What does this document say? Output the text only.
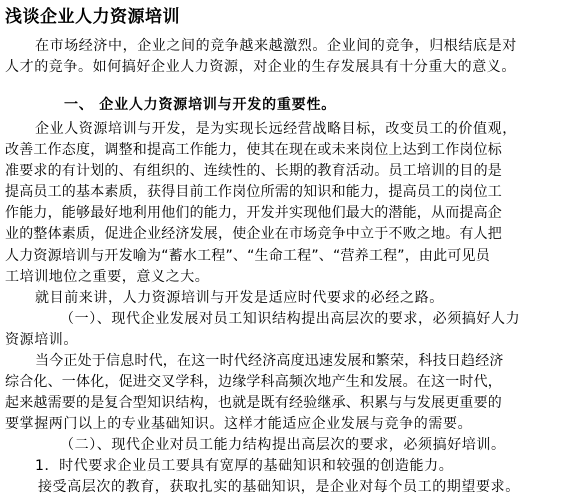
浅谈企业人力资源培训
在市场经济中，企业之间的竞争越来越激烈。企业间的竞争，归根结底是对
人才的竞争。如何搞好企业人力资源，对企业的生存发展具有十分重大的意义。
一、 企业人力资源培训与开发的重要性。
企业人资源培训与开发，是为实现长远经营战略目标，改变员工的价值观，
改善工作态度，调整和提高工作能力，使其在现在或未来岗位上达到工作岗位标
准要求的有计划的、有组织的、连续性的、长期的教育活动。员工培训的目的是
提高员工的基本素质，获得目前工作岗位所需的知识和能力，提高员工的岗位工
作能力，能够最好地利用他们的能力，开发并实现他们最大的潜能，从而提高企
业的整体素质，促进企业经济发展，使企业在市场竞争中立于不败之地。有人把
人力资源培训与开发喻为“蓄水工程”、“生命工程”、“营养工程”，由此可见员
工培训地位之重要，意义之大。
就目前来讲，人力资源培训与开发是适应时代要求的必经之路。
（一）、现代企业发展对员工知识结构提出高层次的要求，必须搞好人力
资源培训。
当今正处于信息时代，在这一时代经济高度迅速发展和繁荣，科技日趋经济
综合化、一体化，促进交叉学科，边缘学科高频次地产生和发展。在这一时代，
起来越需要的是复合型知识结构，也就是既有经验继承、积累与与发展更重要的
要掌握两门以上的专业基础知识。这样才能适应企业发展与竞争的需要。
（二）、现代企业对员工能力结构提出高层次的要求，必须搞好培训。
1．时代要求企业员工要具有宽厚的基础知识和较强的创造能力。
接受高层次的教育，获取扎实的基础知识，是企业对每个员工的期望要求。
